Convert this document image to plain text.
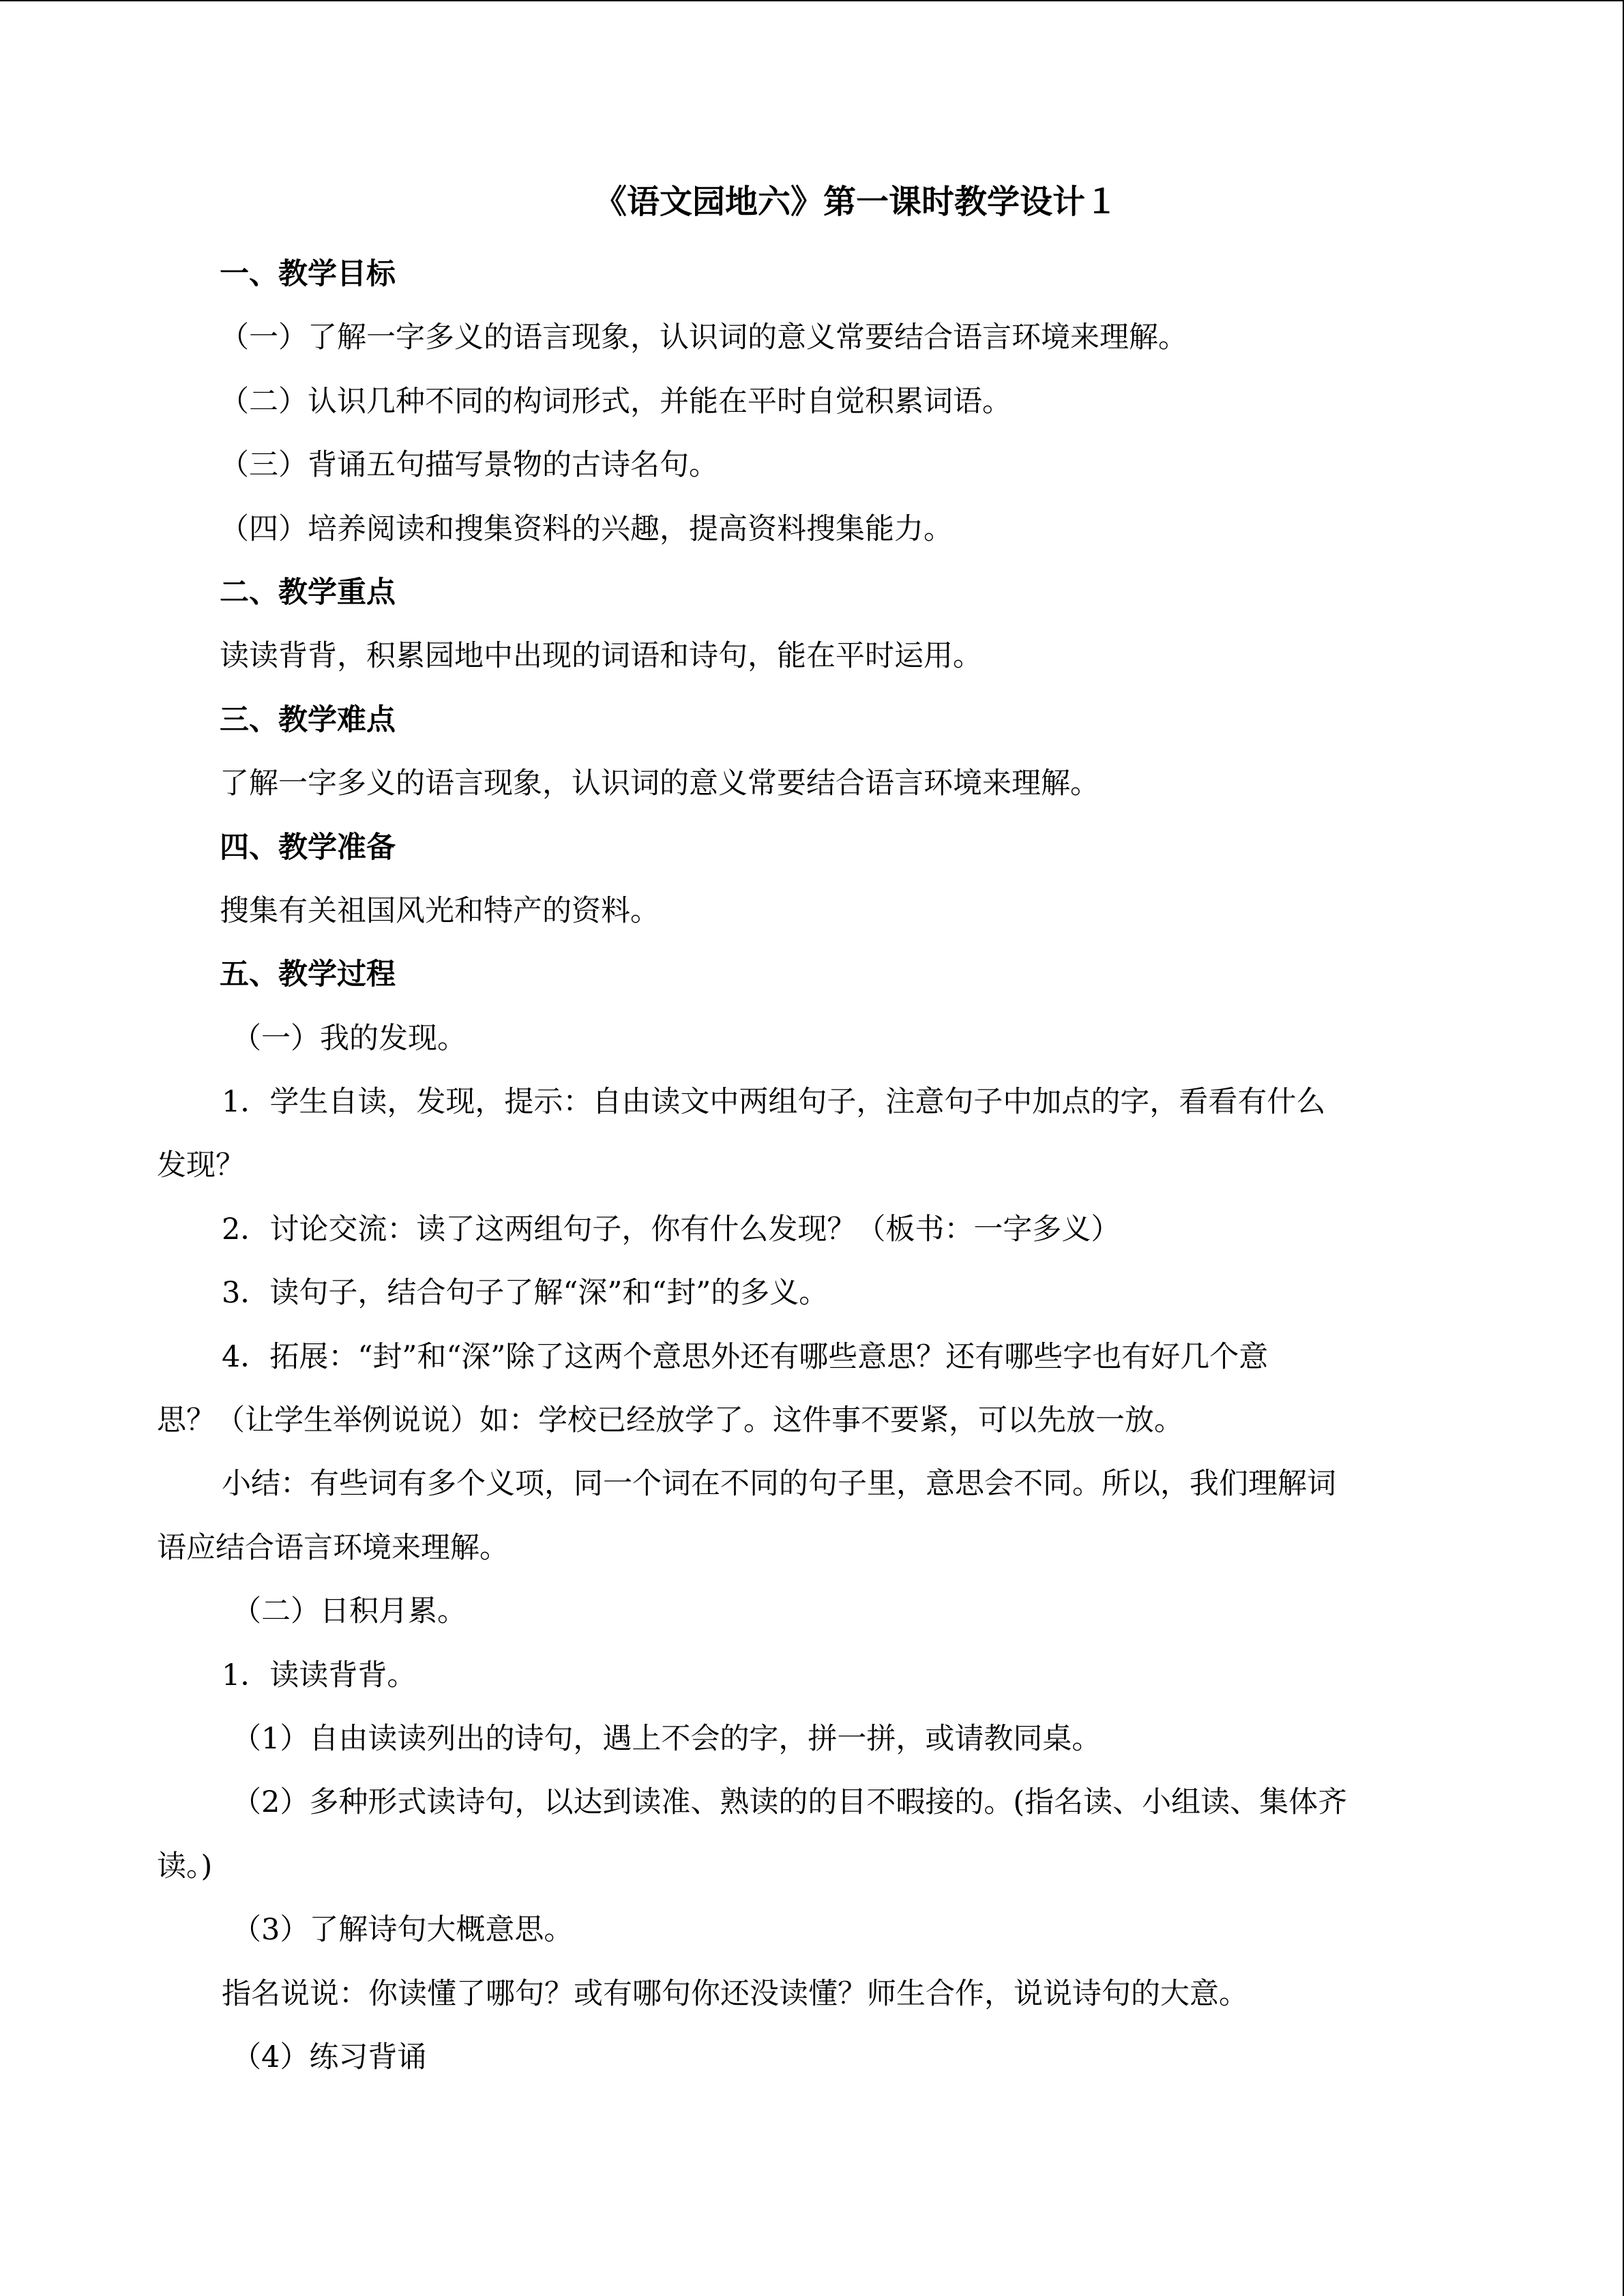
《语文园地六》第一课时教学设计１

一、教学目标

（一）了解一字多义的语言现象，认识词的意义常要结合语言环境来理解。

（二）认识几种不同的构词形式，并能在平时自觉积累词语。

（三）背诵五句描写景物的古诗名句。

（四）培养阅读和搜集资料的兴趣，提高资料搜集能力。

二、教学重点

读读背背，积累园地中出现的词语和诗句，能在平时运用。

三、教学难点

了解一字多义的语言现象，认识词的意义常要结合语言环境来理解。

四、教学准备

搜集有关祖国风光和特产的资料。

五、教学过程

（一）我的发现。

1．学生自读，发现，提示：自由读文中两组句子，注意句子中加点的字，看看有什么

发现？

2．讨论交流：读了这两组句子，你有什么发现？（板书：一字多义）

3．读句子，结合句子了解“深”和“封”的多义。

4．拓展：“封”和“深”除了这两个意思外还有哪些意思？还有哪些字也有好几个意

思？（让学生举例说说）如：学校已经放学了。这件事不要紧，可以先放一放。

小结：有些词有多个义项，同一个词在不同的句子里，意思会不同。所以，我们理解词

语应结合语言环境来理解。

（二）日积月累。

1．读读背背。

（1）自由读读列出的诗句，遇上不会的字，拼一拼，或请教同桌。

（2）多种形式读诗句，以达到读准、熟读的的目不暇接的。(指名读、小组读、集体齐

读。)

（3）了解诗句大概意思。

指名说说：你读懂了哪句？或有哪句你还没读懂？师生合作，说说诗句的大意。

（4）练习背诵
